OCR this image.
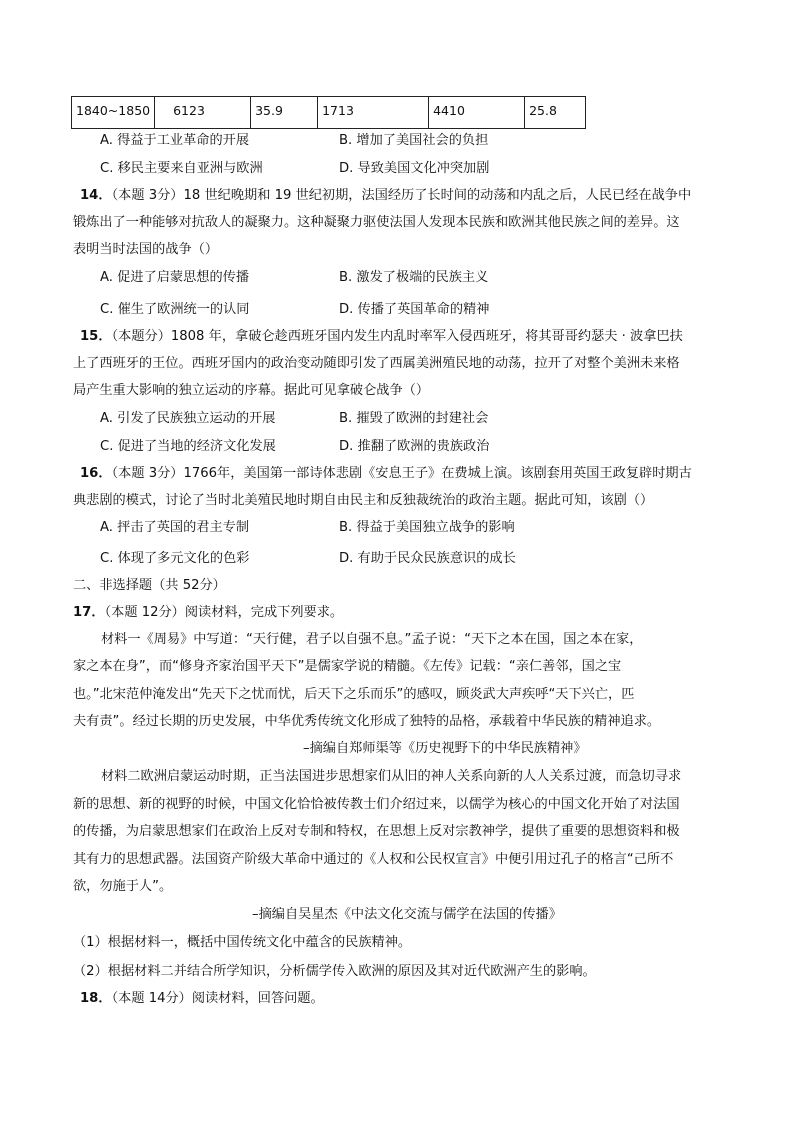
1840~1850	6123	35.9	1713	4410	25.8
A. 得益于工业革命的开展	B. 增加了美国社会的负担
C. 移民主要来自亚洲与欧洲	D. 导致美国文化冲突加剧
14．（本题 3分）18 世纪晚期和 19 世纪初期，法国经历了长时间的动荡和内乱之后，人民已经在战争中
锻炼出了一种能够对抗敌人的凝聚力。这种凝聚力驱使法国人发现本民族和欧洲其他民族之间的差异。这
表明当时法国的战争（）
A. 促进了启蒙思想的传播	B. 激发了极端的民族主义
C. 催生了欧洲统一的认同	D. 传播了英国革命的精神
15．（本题分）1808 年，拿破仑趁西班牙国内发生内乱时率军入侵西班牙，将其哥哥约瑟夫 · 波拿巴扶
上了西班牙的王位。西班牙国内的政治变动随即引发了西属美洲殖民地的动荡，拉开了对整个美洲未来格
局产生重大影响的独立运动的序幕。据此可见拿破仑战争（）
A. 引发了民族独立运动的开展	B. 摧毁了欧洲的封建社会
C. 促进了当地的经济文化发展	D. 推翻了欧洲的贵族政治
16．（本题 3分）1766年，美国第一部诗体悲剧《安息王子》在费城上演。该剧套用英国王政复辟时期古
典悲剧的模式，讨论了当时北美殖民地时期自由民主和反独裁统治的政治主题。据此可知，该剧（）
A. 抨击了英国的君主专制	B. 得益于美国独立战争的影响
C. 体现了多元文化的色彩	D. 有助于民众民族意识的成长
二、非选择题（共 52分）
17．（本题 12分）阅读材料，完成下列要求。
材料一《周易》中写道：“天行健，君子以自强不息。”孟子说：“天下之本在国，国之本在家，
家之本在身”，而“修身齐家治国平天下”是儒家学说的精髓。《左传》记载：“亲仁善邻，国之宝
也。”北宋范仲淹发出“先天下之忧而忧，后天下之乐而乐”的感叹，顾炎武大声疾呼“天下兴亡，匹
夫有责”。经过长期的历史发展，中华优秀传统文化形成了独特的品格，承载着中华民族的精神追求。
–摘编自郑师渠等《历史视野下的中华民族精神》
材料二欧洲启蒙运动时期，正当法国进步思想家们从旧的神人关系向新的人人关系过渡，而急切寻求
新的思想、新的视野的时候，中国文化恰恰被传教士们介绍过来，以儒学为核心的中国文化开始了对法国
的传播，为启蒙思想家们在政治上反对专制和特权，在思想上反对宗教神学，提供了重要的思想资料和极
其有力的思想武器。法国资产阶级大革命中通过的《人权和公民权宣言》中便引用过孔子的格言“己所不
欲，勿施于人”。
–摘编自吴星杰《中法文化交流与儒学在法国的传播》
（1）根据材料一，概括中国传统文化中蕴含的民族精神。
（2）根据材料二并结合所学知识，分析儒学传入欧洲的原因及其对近代欧洲产生的影响。
18．（本题 14分）阅读材料，回答问题。
